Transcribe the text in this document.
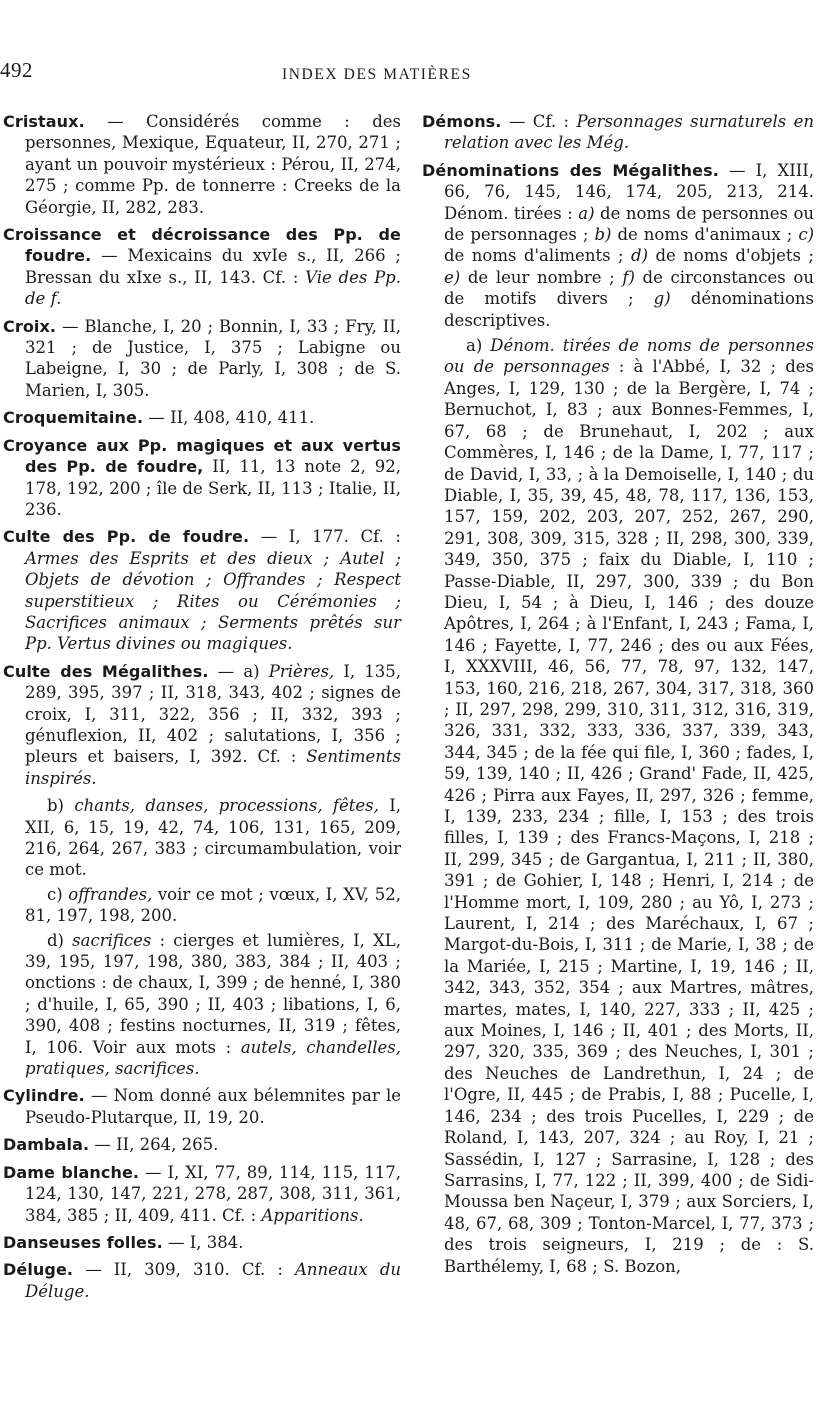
492	INDEX DES MATIÈRES

Cristaux. — Considérés comme : des personnes, Mexique, Equateur, II, 270, 271 ; ayant un pouvoir mystérieux : Pérou, II, 274, 275 ; comme Pp. de tonnerre : Creeks de la Géorgie, II, 282, 283.

Croissance et décroissance des Pp. de foudre. — Mexicains du xvIe s., II, 266 ; Bressan du xIxe s., II, 143. Cf. : Vie des Pp. de f.

Croix. — Blanche, I, 20 ; Bonnin, I, 33 ; Fry, II, 321 ; de Justice, I, 375 ; Labigne ou Labeigne, I, 30 ; de Parly, I, 308 ; de S. Marien, I, 305.

Croquemitaine. — II, 408, 410, 411.

Croyance aux Pp. magiques et aux vertus des Pp. de foudre, II, 11, 13 note 2, 92, 178, 192, 200 ; île de Serk, II, 113 ; Italie, II, 236.

Culte des Pp. de foudre. — I, 177. Cf. : Armes des Esprits et des dieux ; Autel ; Objets de dévotion ; Offrandes ; Respect superstitieux ; Rites ou Cérémonies ; Sacrifices animaux ; Serments prêtés sur Pp. Vertus divines ou magiques.

Culte des Mégalithes. — a) Prières, I, 135, 289, 395, 397 ; II, 318, 343, 402 ; signes de croix, I, 311, 322, 356 ; II, 332, 393 ; génuflexion, II, 402 ; salutations, I, 356 ; pleurs et baisers, I, 392. Cf. : Sentiments inspirés.

b) chants, danses, processions, fêtes, I, XII, 6, 15, 19, 42, 74, 106, 131, 165, 209, 216, 264, 267, 383 ; circumambulation, voir ce mot.

c) offrandes, voir ce mot ; vœux, I, XV, 52, 81, 197, 198, 200.

d) sacrifices : cierges et lumières, I, XL, 39, 195, 197, 198, 380, 383, 384 ; II, 403 ; onctions : de chaux, I, 399 ; de henné, I, 380 ; d'huile, I, 65, 390 ; II, 403 ; libations, I, 6, 390, 408 ; festins nocturnes, II, 319 ; fêtes, I, 106. Voir aux mots : autels, chandelles, pratiques, sacrifices.

Cylindre. — Nom donné aux bélemnites par le Pseudo-Plutarque, II, 19, 20.

Dambala. — II, 264, 265.

Dame blanche. — I, XI, 77, 89, 114, 115, 117, 124, 130, 147, 221, 278, 287, 308, 311, 361, 384, 385 ; II, 409, 411. Cf. : Apparitions.

Danseuses folles. — I, 384.

Déluge. — II, 309, 310. Cf. : Anneaux du Déluge.

Démons. — Cf. : Personnages surnaturels en relation avec les Még.

Dénominations des Mégalithes. — I, XIII, 66, 76, 145, 146, 174, 205, 213, 214. Dénom. tirées : a) de noms de personnes ou de personnages ; b) de noms d'animaux ; c) de noms d'aliments ; d) de noms d'objets ; e) de leur nombre ; f) de circonstances ou de motifs divers ; g) dénominations descriptives.

a) Dénom. tirées de noms de personnes ou de personnages : à l'Abbé, I, 32 ; des Anges, I, 129, 130 ; de la Bergère, I, 74 ; Bernuchot, I, 83 ; aux Bonnes-Femmes, I, 67, 68 ; de Brunehaut, I, 202 ; aux Commères, I, 146 ; de la Dame, I, 77, 117 ; de David, I, 33, ; à la Demoiselle, I, 140 ; du Diable, I, 35, 39, 45, 48, 78, 117, 136, 153, 157, 159, 202, 203, 207, 252, 267, 290, 291, 308, 309, 315, 328 ; II, 298, 300, 339, 349, 350, 375 ; faix du Diable, I, 110 ; Passe-Diable, II, 297, 300, 339 ; du Bon Dieu, I, 54 ; à Dieu, I, 146 ; des douze Apôtres, I, 264 ; à l'Enfant, I, 243 ; Fama, I, 146 ; Fayette, I, 77, 246 ; des ou aux Fées, I, XXXVIII, 46, 56, 77, 78, 97, 132, 147, 153, 160, 216, 218, 267, 304, 317, 318, 360 ; II, 297, 298, 299, 310, 311, 312, 316, 319, 326, 331, 332, 333, 336, 337, 339, 343, 344, 345 ; de la fée qui file, I, 360 ; fades, I, 59, 139, 140 ; II, 426 ; Grand' Fade, II, 425, 426 ; Pirra aux Fayes, II, 297, 326 ; femme, I, 139, 233, 234 ; fille, I, 153 ; des trois filles, I, 139 ; des Francs-Maçons, I, 218 ; II, 299, 345 ; de Gargantua, I, 211 ; II, 380, 391 ; de Gohier, I, 148 ; Henri, I, 214 ; de l'Homme mort, I, 109, 280 ; au Yô, I, 273 ; Laurent, I, 214 ; des Maréchaux, I, 67 ; Margot-du-Bois, I, 311 ; de Marie, I, 38 ; de la Mariée, I, 215 ; Martine, I, 19, 146 ; II, 342, 343, 352, 354 ; aux Martres, mâtres, martes, mates, I, 140, 227, 333 ; II, 425 ; aux Moines, I, 146 ; II, 401 ; des Morts, II, 297, 320, 335, 369 ; des Neuches, I, 301 ; des Neuches de Landrethun, I, 24 ; de l'Ogre, II, 445 ; de Prabis, I, 88 ; Pucelle, I, 146, 234 ; des trois Pucelles, I, 229 ; de Roland, I, 143, 207, 324 ; au Roy, I, 21 ; Sassédin, I, 127 ; Sarrasine, I, 128 ; des Sarrasins, I, 77, 122 ; II, 399, 400 ; de Sidi-Moussa ben Naçeur, I, 379 ; aux Sorciers, I, 48, 67, 68, 309 ; Tonton-Marcel, I, 77, 373 ; des trois seigneurs, I, 219 ; de : S. Barthélemy, I, 68 ; S. Bozon,
